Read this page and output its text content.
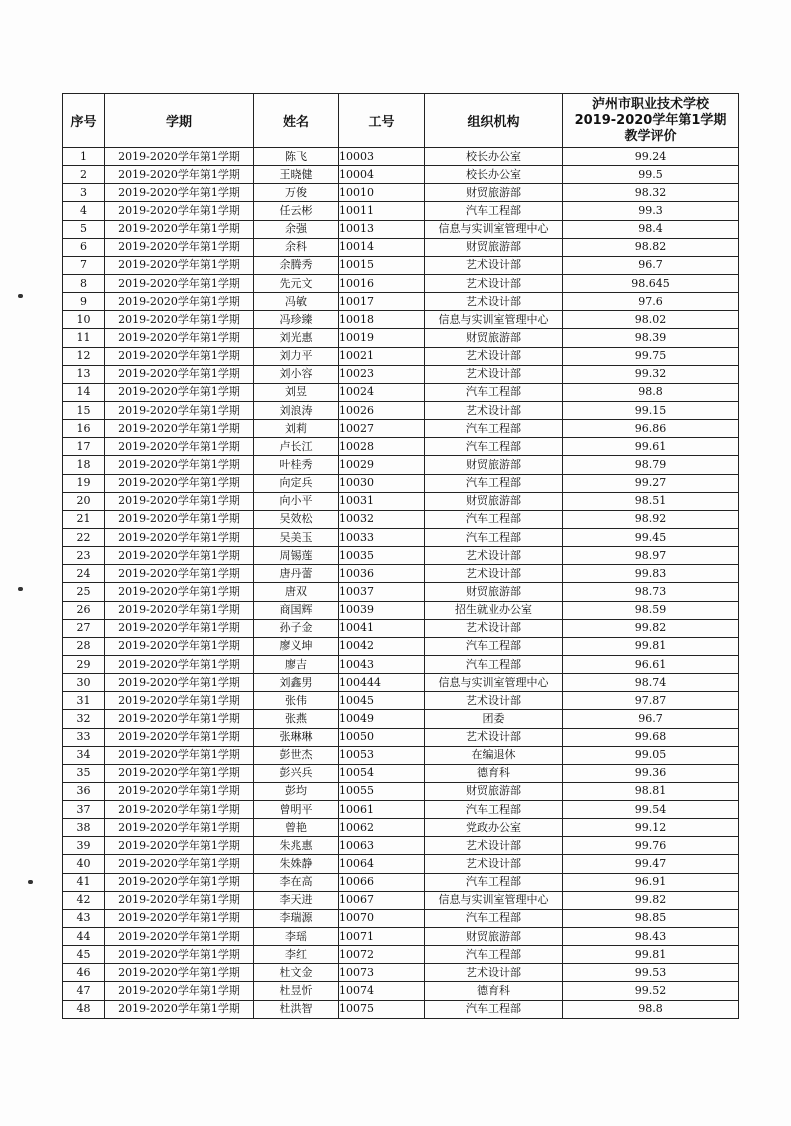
序号	学期	姓名	工号	组织机构	泸州市职业技术学校
2019-2020学年第1学期
教学评价

1	2019-2020学年第1学期	陈飞	10003	校长办公室	99.24
2	2019-2020学年第1学期	王晓健	10004	校长办公室	99.5
3	2019-2020学年第1学期	万俊	10010	财贸旅游部	98.32
4	2019-2020学年第1学期	任云彬	10011	汽车工程部	99.3
5	2019-2020学年第1学期	余强	10013	信息与实训室管理中心	98.4
6	2019-2020学年第1学期	余科	10014	财贸旅游部	98.82
7	2019-2020学年第1学期	余腾秀	10015	艺术设计部	96.7
8	2019-2020学年第1学期	先元文	10016	艺术设计部	98.645
9	2019-2020学年第1学期	冯敏	10017	艺术设计部	97.6
10	2019-2020学年第1学期	冯珍臻	10018	信息与实训室管理中心	98.02
11	2019-2020学年第1学期	刘光惠	10019	财贸旅游部	98.39
12	2019-2020学年第1学期	刘力平	10021	艺术设计部	99.75
13	2019-2020学年第1学期	刘小容	10023	艺术设计部	99.32
14	2019-2020学年第1学期	刘昱	10024	汽车工程部	98.8
15	2019-2020学年第1学期	刘浪涛	10026	艺术设计部	99.15
16	2019-2020学年第1学期	刘莉	10027	汽车工程部	96.86
17	2019-2020学年第1学期	卢长江	10028	汽车工程部	99.61
18	2019-2020学年第1学期	叶桂秀	10029	财贸旅游部	98.79
19	2019-2020学年第1学期	向定兵	10030	汽车工程部	99.27
20	2019-2020学年第1学期	向小平	10031	财贸旅游部	98.51
21	2019-2020学年第1学期	吴效松	10032	汽车工程部	98.92
22	2019-2020学年第1学期	吴美玉	10033	汽车工程部	99.45
23	2019-2020学年第1学期	周锡莲	10035	艺术设计部	98.97
24	2019-2020学年第1学期	唐丹蕾	10036	艺术设计部	99.83
25	2019-2020学年第1学期	唐双	10037	财贸旅游部	98.73
26	2019-2020学年第1学期	商国辉	10039	招生就业办公室	98.59
27	2019-2020学年第1学期	孙子金	10041	艺术设计部	99.82
28	2019-2020学年第1学期	廖义坤	10042	汽车工程部	99.81
29	2019-2020学年第1学期	廖吉	10043	汽车工程部	96.61
30	2019-2020学年第1学期	刘鑫男	100444	信息与实训室管理中心	98.74
31	2019-2020学年第1学期	张伟	10045	艺术设计部	97.87
32	2019-2020学年第1学期	张燕	10049	团委	96.7
33	2019-2020学年第1学期	张琳琳	10050	艺术设计部	99.68
34	2019-2020学年第1学期	彭世杰	10053	在编退休	99.05
35	2019-2020学年第1学期	彭兴兵	10054	德育科	99.36
36	2019-2020学年第1学期	彭均	10055	财贸旅游部	98.81
37	2019-2020学年第1学期	曾明平	10061	汽车工程部	99.54
38	2019-2020学年第1学期	曾艳	10062	党政办公室	99.12
39	2019-2020学年第1学期	朱兆惠	10063	艺术设计部	99.76
40	2019-2020学年第1学期	朱姝静	10064	艺术设计部	99.47
41	2019-2020学年第1学期	李在高	10066	汽车工程部	96.91
42	2019-2020学年第1学期	李天进	10067	信息与实训室管理中心	99.82
43	2019-2020学年第1学期	李瑞源	10070	汽车工程部	98.85
44	2019-2020学年第1学期	李瑶	10071	财贸旅游部	98.43
45	2019-2020学年第1学期	李红	10072	汽车工程部	99.81
46	2019-2020学年第1学期	杜文金	10073	艺术设计部	99.53
47	2019-2020学年第1学期	杜昱忻	10074	德育科	99.52
48	2019-2020学年第1学期	杜洪智	10075	汽车工程部	98.8
